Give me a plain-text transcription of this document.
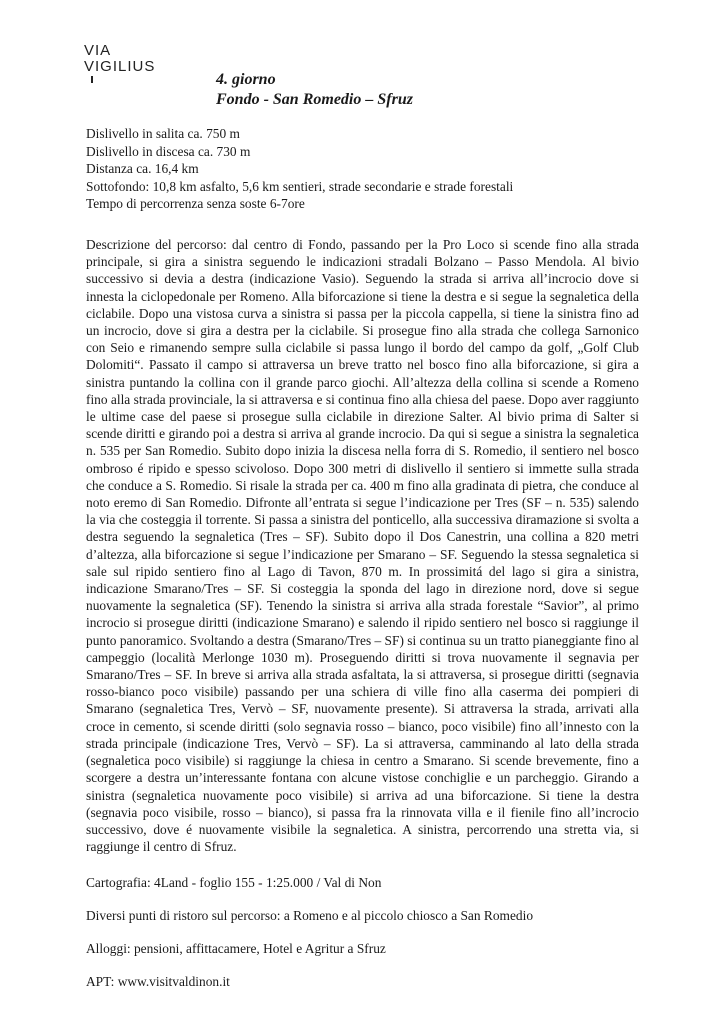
VIA
VIGILIUS
4. giorno
Fondo - San Romedio – Sfruz
Dislivello in salita ca. 750 m
Dislivello in discesa ca. 730 m
Distanza ca. 16,4 km
Sottofondo: 10,8 km asfalto, 5,6 km sentieri, strade secondarie e strade forestali
Tempo di percorrenza senza soste 6-7ore

Descrizione del percorso: dal centro di Fondo, passando per la Pro Loco si scende fino alla strada principale, si gira a sinistra seguendo le indicazioni stradali Bolzano – Passo Mendola. Al bivio successivo si devia a destra (indicazione Vasio). Seguendo la strada si arriva all’incrocio dove si innesta la ciclopedonale per Romeno. Alla biforcazione si tiene la destra e si segue la segnaletica della ciclabile. Dopo una vistosa curva a sinistra si passa per la piccola cappella, si tiene la sinistra fino ad un incrocio, dove si gira a destra per la ciclabile. Si prosegue fino alla strada che collega Sarnonico con Seio e rimanendo sempre sulla ciclabile si passa lungo il bordo del campo da golf, „Golf Club Dolomiti“. Passato il campo si attraversa un breve tratto nel bosco fino alla biforcazione, si gira a sinistra puntando la collina con il grande parco giochi. All’altezza della collina si scende a Romeno fino alla strada provinciale, la si attraversa e si continua fino alla chiesa del paese. Dopo aver raggiunto le ultime case del paese si prosegue sulla ciclabile in direzione Salter. Al bivio prima di Salter si scende diritti e girando poi a destra si arriva al grande incrocio. Da qui si segue a sinistra la segnaletica n. 535 per San Romedio. Subito dopo inizia la discesa nella forra di S. Romedio, il sentiero nel bosco ombroso é ripido e spesso scivoloso. Dopo 300 metri di dislivello il sentiero si immette sulla strada che conduce a S. Romedio. Si risale la strada per ca. 400 m fino alla gradinata di pietra, che conduce al noto eremo di San Romedio. Difronte all’entrata si segue l’indicazione per Tres (SF – n. 535) salendo la via che costeggia il torrente. Si passa a sinistra del ponticello, alla successiva diramazione si svolta a destra seguendo la segnaletica (Tres – SF). Subito dopo il Dos Canestrin, una collina a 820 metri d’altezza, alla biforcazione si segue l’indicazione per Smarano – SF. Seguendo la stessa segnaletica si sale sul ripido sentiero fino al Lago di Tavon, 870 m. In prossimitá del lago si gira a sinistra, indicazione Smarano/Tres – SF. Si costeggia la sponda del lago in direzione nord, dove si segue nuovamente la segnaletica (SF). Tenendo la sinistra si arriva alla strada forestale “Savior”, al primo incrocio si prosegue diritti (indicazione Smarano) e salendo il ripido sentiero nel bosco si raggiunge il punto panoramico. Svoltando a destra (Smarano/Tres – SF) si continua su un tratto pianeggiante fino al campeggio (località Merlonge 1030 m). Proseguendo diritti si trova nuovamente il segnavia per Smarano/Tres – SF. In breve si arriva alla strada asfaltata, la si attraversa, si prosegue diritti (segnavia rosso-bianco poco visibile) passando per una schiera di ville fino alla caserma dei pompieri di Smarano (segnaletica Tres, Vervò – SF, nuovamente presente). Si attraversa la strada, arrivati alla croce in cemento, si scende diritti (solo segnavia rosso – bianco, poco visibile) fino all’innesto con la strada principale (indicazione Tres, Vervò – SF). La si attraversa, camminando al lato della strada (segnaletica poco visibile) si raggiunge la chiesa in centro a Smarano. Si scende brevemente, fino a scorgere a destra un’interessante fontana con alcune vistose conchiglie e un parcheggio. Girando a sinistra (segnaletica nuovamente poco visibile) si arriva ad una biforcazione. Si tiene la destra (segnavia poco visibile, rosso – bianco), si passa fra la rinnovata villa e il fienile fino all’incrocio successivo, dove é nuovamente visibile la segnaletica. A sinistra, percorrendo una stretta via, si raggiunge il centro di Sfruz.

Cartografia: 4Land - foglio 155 - 1:25.000 / Val di Non
Diversi punti di ristoro sul percorso: a Romeno e al piccolo chiosco a San Romedio
Alloggi: pensioni, affittacamere, Hotel e Agritur a Sfruz
APT: www.visitvaldinon.it
